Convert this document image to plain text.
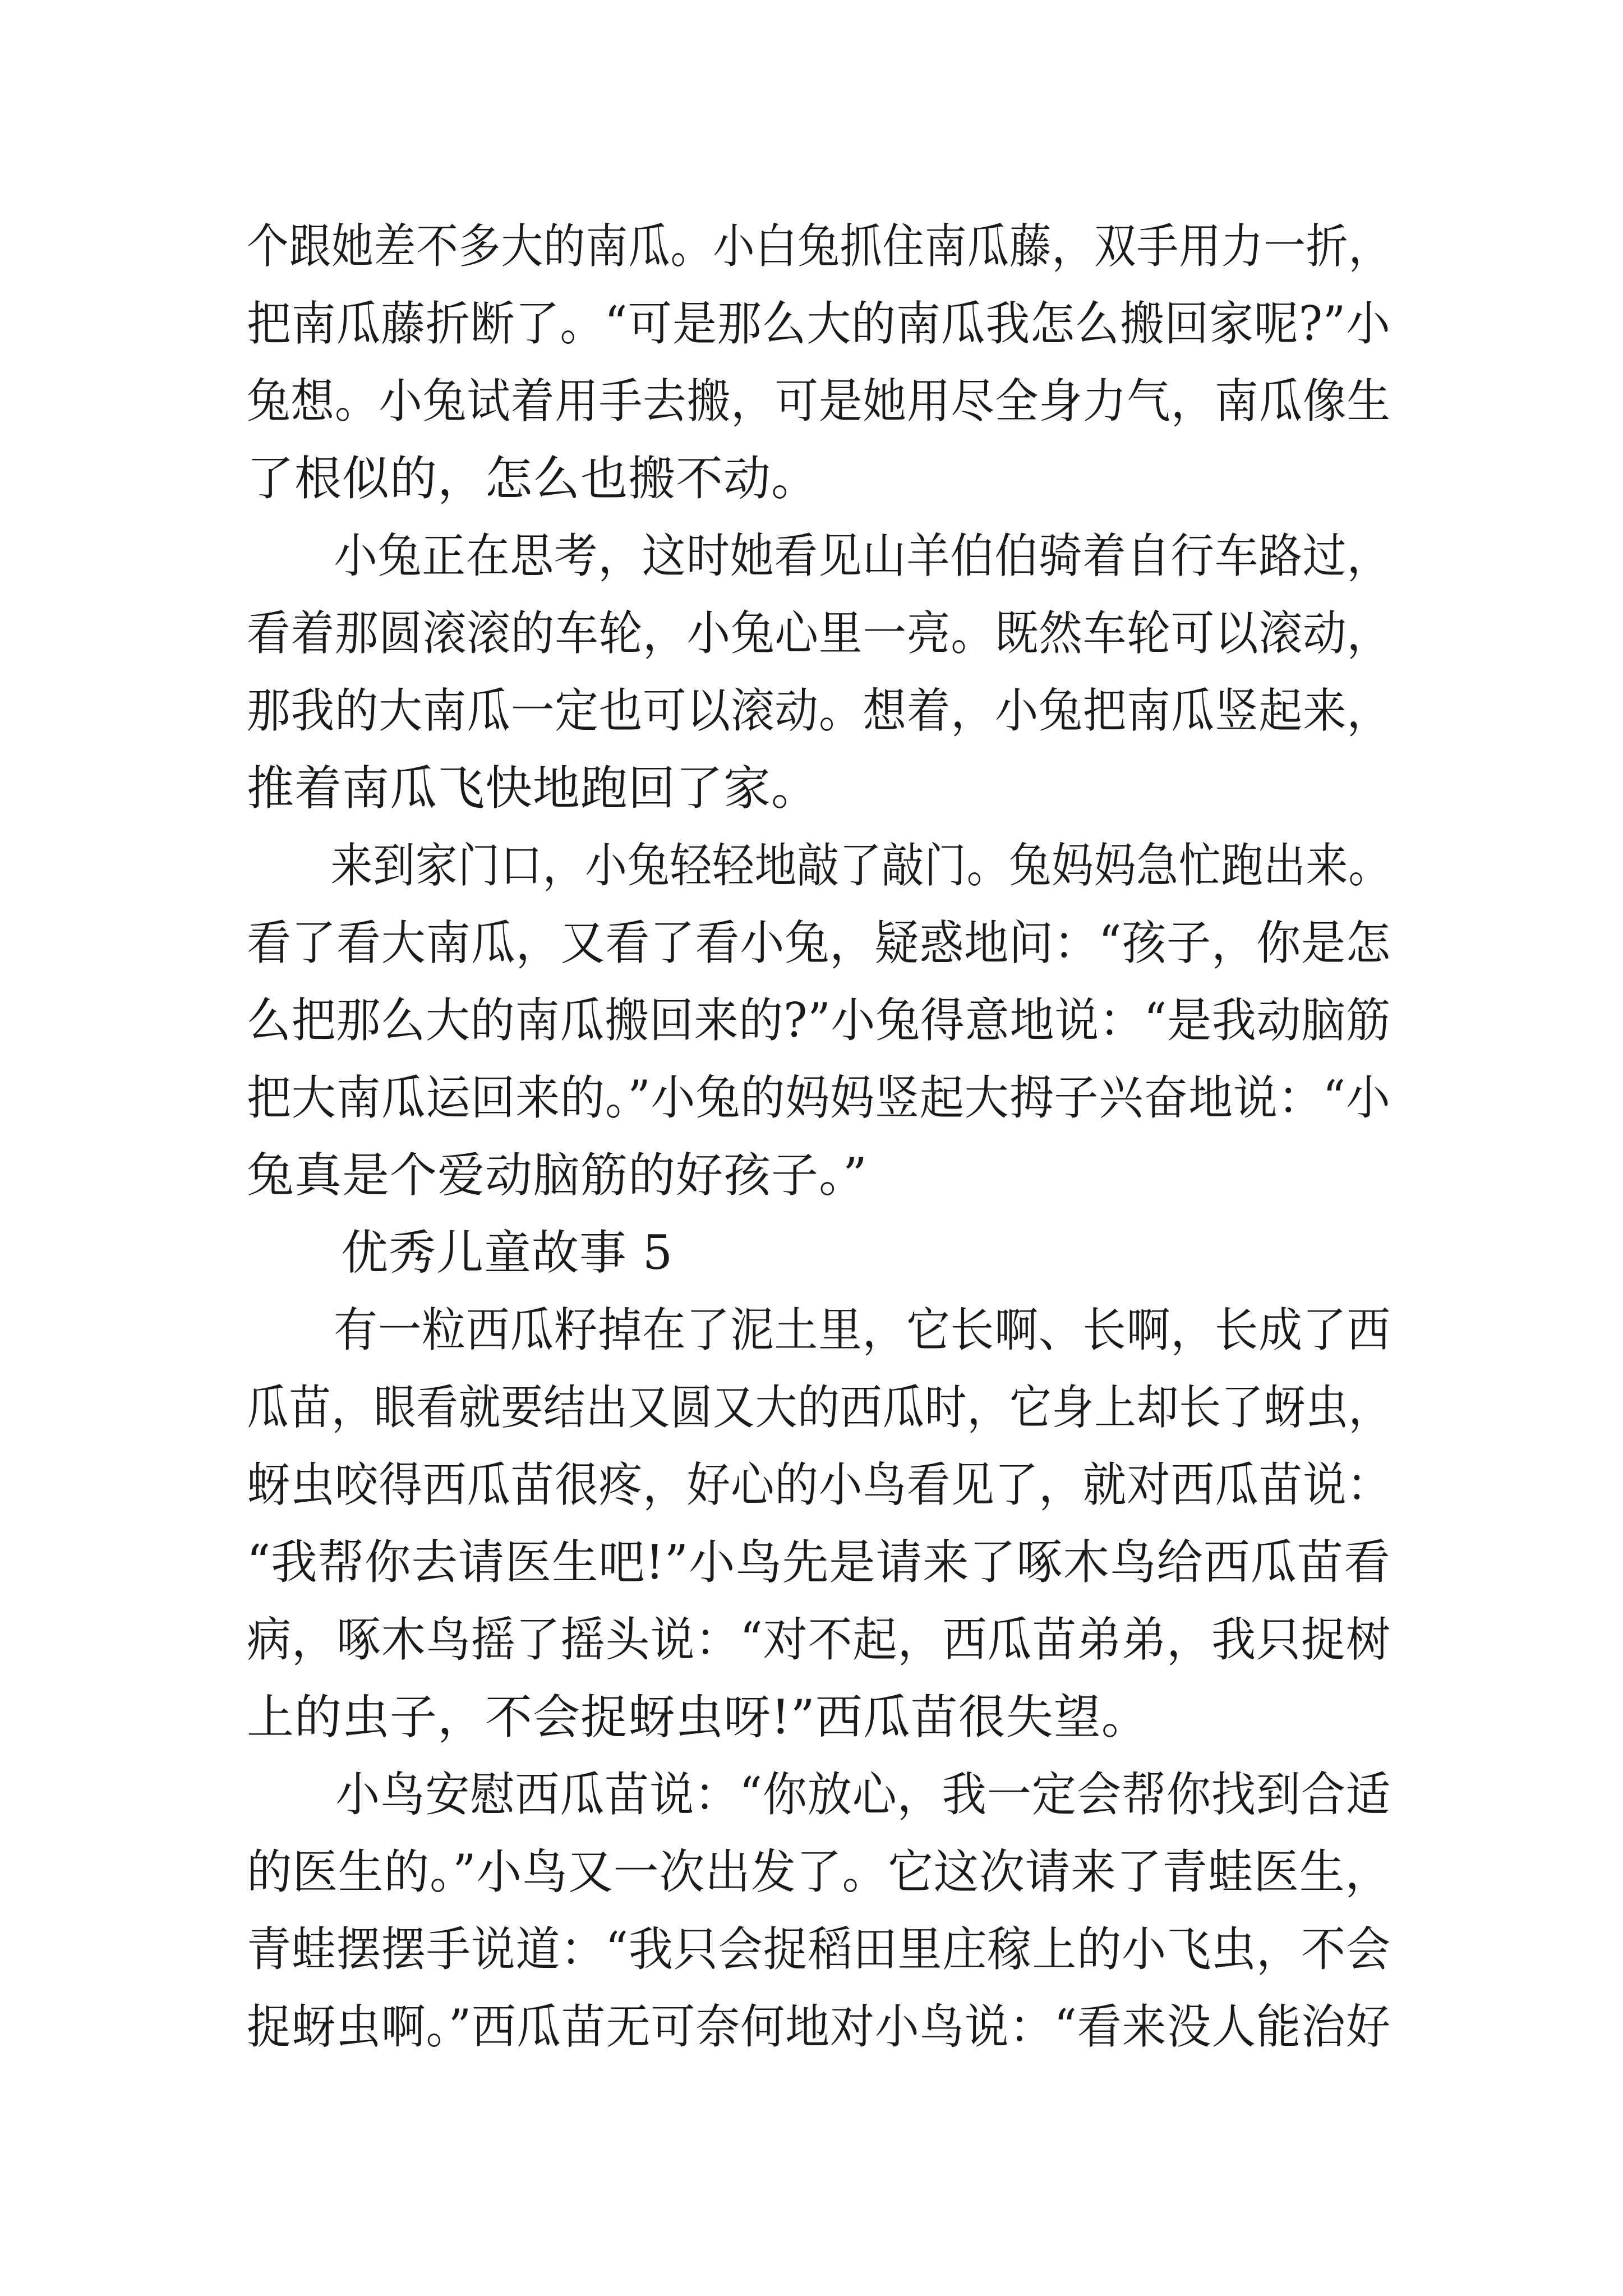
个跟她差不多大的南瓜。小白兔抓住南瓜藤，双手用力一折，
把南瓜藤折断了。“可是那么大的南瓜我怎么搬回家呢?”小
兔想。小兔试着用手去搬，可是她用尽全身力气，南瓜像生
了根似的，怎么也搬不动。
小兔正在思考，这时她看见山羊伯伯骑着自行车路过，
看着那圆滚滚的车轮，小兔心里一亮。既然车轮可以滚动，
那我的大南瓜一定也可以滚动。想着，小兔把南瓜竖起来，
推着南瓜飞快地跑回了家。
来到家门口，小兔轻轻地敲了敲门。兔妈妈急忙跑出来。
看了看大南瓜，又看了看小兔，疑惑地问：“孩子，你是怎
么把那么大的南瓜搬回来的?”小兔得意地说：“是我动脑筋
把大南瓜运回来的。”小兔的妈妈竖起大拇子兴奋地说：“小
兔真是个爱动脑筋的好孩子。”
优秀儿童故事 5
有一粒西瓜籽掉在了泥土里，它长啊、长啊，长成了西
瓜苗，眼看就要结出又圆又大的西瓜时，它身上却长了蚜虫，
蚜虫咬得西瓜苗很疼，好心的小鸟看见了，就对西瓜苗说：
“我帮你去请医生吧!”小鸟先是请来了啄木鸟给西瓜苗看
病，啄木鸟摇了摇头说：“对不起，西瓜苗弟弟，我只捉树
上的虫子，不会捉蚜虫呀!”西瓜苗很失望。
小鸟安慰西瓜苗说：“你放心，我一定会帮你找到合适
的医生的。”小鸟又一次出发了。它这次请来了青蛙医生，
青蛙摆摆手说道：“我只会捉稻田里庄稼上的小飞虫，不会
捉蚜虫啊。”西瓜苗无可奈何地对小鸟说：“看来没人能治好
